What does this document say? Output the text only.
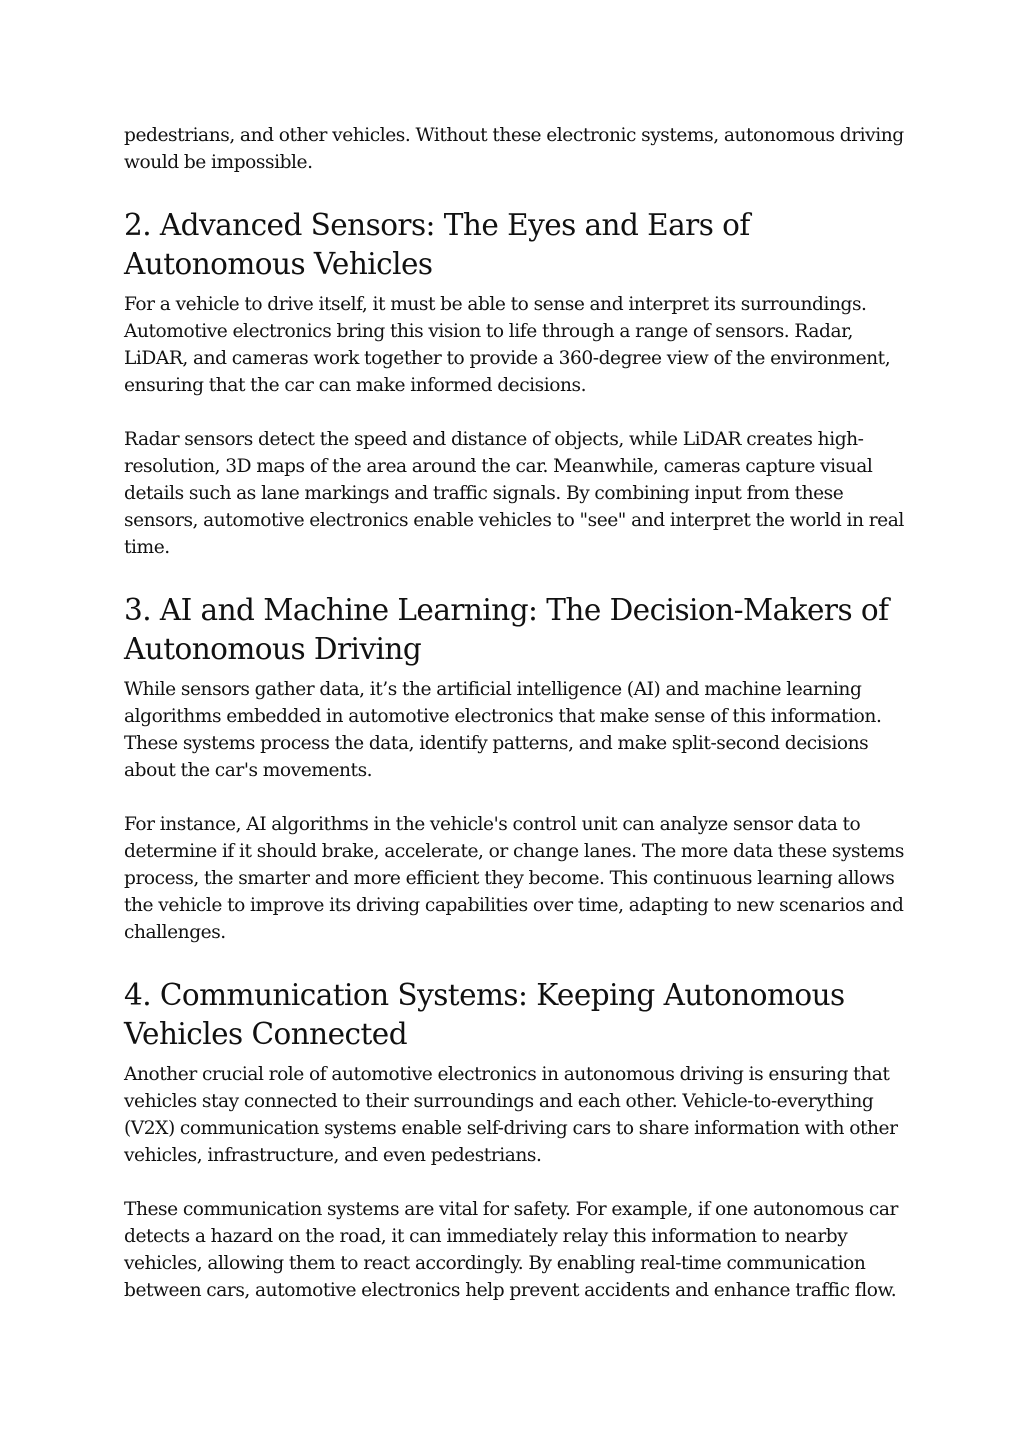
pedestrians, and other vehicles. Without these electronic systems, autonomous driving would be impossible.

2. Advanced Sensors: The Eyes and Ears of Autonomous Vehicles

For a vehicle to drive itself, it must be able to sense and interpret its surroundings. Automotive electronics bring this vision to life through a range of sensors. Radar, LiDAR, and cameras work together to provide a 360-degree view of the environment, ensuring that the car can make informed decisions.

Radar sensors detect the speed and distance of objects, while LiDAR creates high-resolution, 3D maps of the area around the car. Meanwhile, cameras capture visual details such as lane markings and traffic signals. By combining input from these sensors, automotive electronics enable vehicles to "see" and interpret the world in real time.

3. AI and Machine Learning: The Decision-Makers of Autonomous Driving

While sensors gather data, it’s the artificial intelligence (AI) and machine learning algorithms embedded in automotive electronics that make sense of this information. These systems process the data, identify patterns, and make split-second decisions about the car's movements.

For instance, AI algorithms in the vehicle's control unit can analyze sensor data to determine if it should brake, accelerate, or change lanes. The more data these systems process, the smarter and more efficient they become. This continuous learning allows the vehicle to improve its driving capabilities over time, adapting to new scenarios and challenges.

4. Communication Systems: Keeping Autonomous Vehicles Connected

Another crucial role of automotive electronics in autonomous driving is ensuring that vehicles stay connected to their surroundings and each other. Vehicle-to-everything (V2X) communication systems enable self-driving cars to share information with other vehicles, infrastructure, and even pedestrians.

These communication systems are vital for safety. For example, if one autonomous car detects a hazard on the road, it can immediately relay this information to nearby vehicles, allowing them to react accordingly. By enabling real-time communication between cars, automotive electronics help prevent accidents and enhance traffic flow.
